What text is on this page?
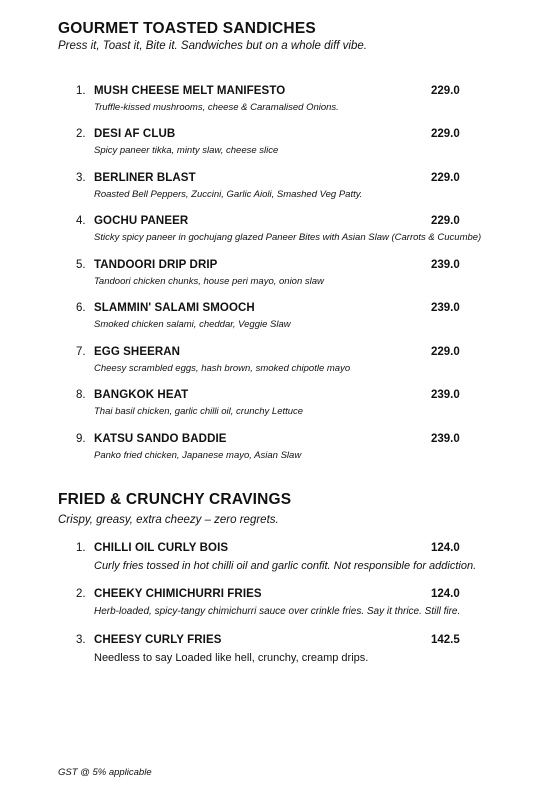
GOURMET TOASTED SANDICHES

Press it, Toast it, Bite it. Sandwiches but on a whole diff vibe.

1. MUSH CHEESE MELT MANIFESTO	229.0
Truffle-kissed mushrooms, cheese & Caramalised Onions.
2. DESI AF CLUB	229.0
Spicy paneer tikka, minty slaw, cheese slice
3. BERLINER BLAST	229.0
Roasted Bell Peppers, Zuccini, Garlic Aioli, Smashed Veg Patty.
4. GOCHU PANEER	229.0
Sticky spicy paneer in gochujang glazed Paneer Bites with Asian Slaw (Carrots & Cucumbe)
5. TANDOORI DRIP DRIP	239.0
Tandoori chicken chunks, house peri mayo, onion slaw
6. SLAMMIN' SALAMI SMOOCH	239.0
Smoked chicken salami, cheddar, Veggie Slaw
7. EGG SHEERAN	229.0
Cheesy scrambled eggs, hash brown, smoked chipotle mayo
8. BANGKOK HEAT	239.0
Thai basil chicken, garlic chilli oil, crunchy Lettuce
9. KATSU SANDO BADDIE	239.0
Panko fried chicken, Japanese mayo, Asian Slaw
FRIED & CRUNCHY CRAVINGS

Crispy, greasy, extra cheezy – zero regrets.

1. CHILLI OIL CURLY BOIS	124.0
Curly fries tossed in hot chilli oil and garlic confit. Not responsible for addiction.
2. CHEEKY CHIMICHURRI FRIES	124.0
Herb-loaded, spicy-tangy chimichurri sauce over crinkle fries. Say it thrice. Still fire.
3. CHEESY CURLY FRIES	142.5
Needless to say Loaded like hell, crunchy, creamp drips.
GST @ 5% applicable
